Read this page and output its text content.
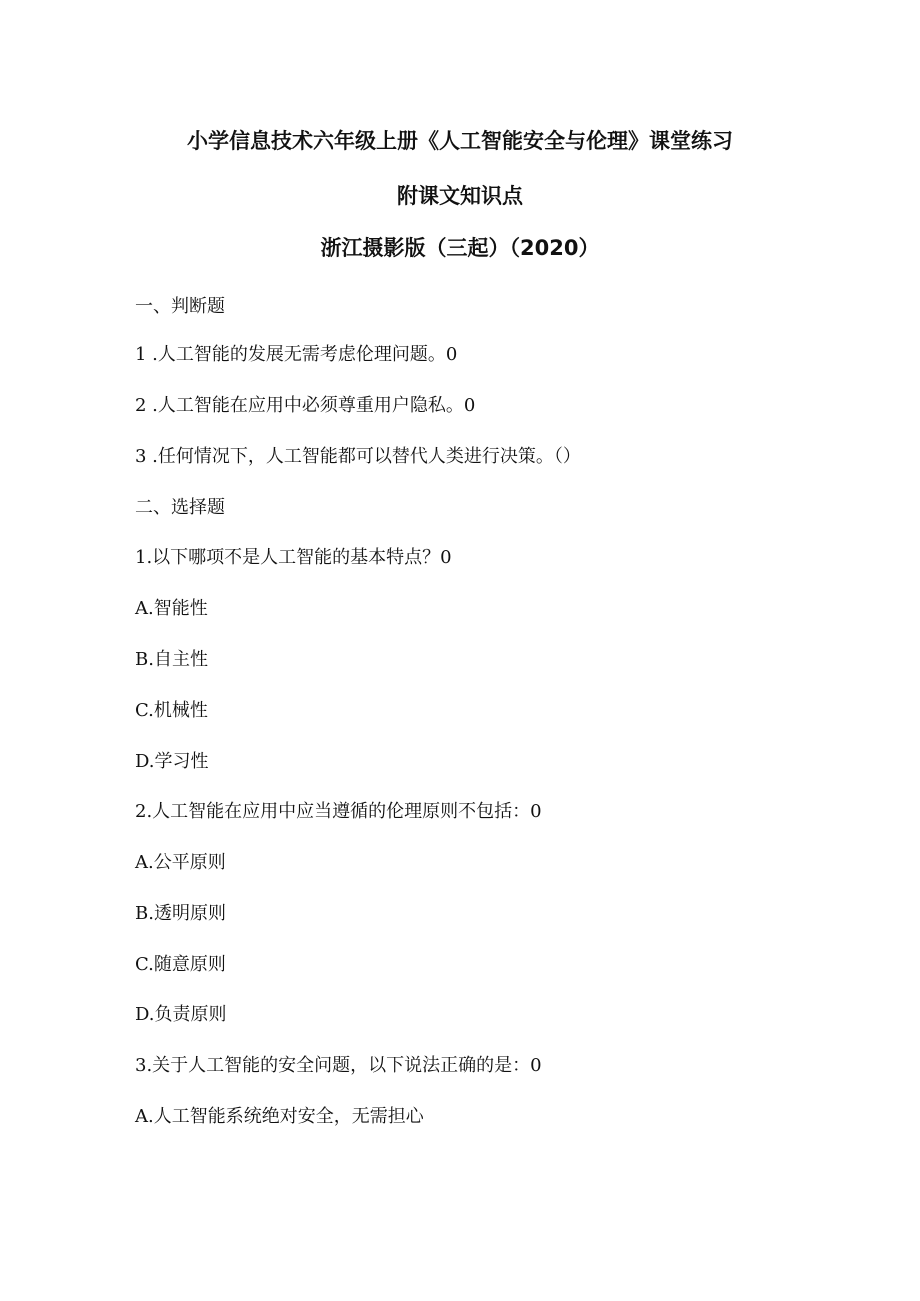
小学信息技术六年级上册《人工智能安全与伦理》课堂练习
附课文知识点
浙江摄影版（三起）（2020）
一、判断题
1 .人工智能的发展无需考虑伦理问题。0
2 .人工智能在应用中必须尊重用户隐私。0
3 .任何情况下，人工智能都可以替代人类进行决策。（）
二、选择题
1.以下哪项不是人工智能的基本特点？0
A.智能性
B.自主性
C.机械性
D.学习性
2.人工智能在应用中应当遵循的伦理原则不包括：0
A.公平原则
B.透明原则
C.随意原则
D.负责原则
3.关于人工智能的安全问题，以下说法正确的是：0
A.人工智能系统绝对安全，无需担心
